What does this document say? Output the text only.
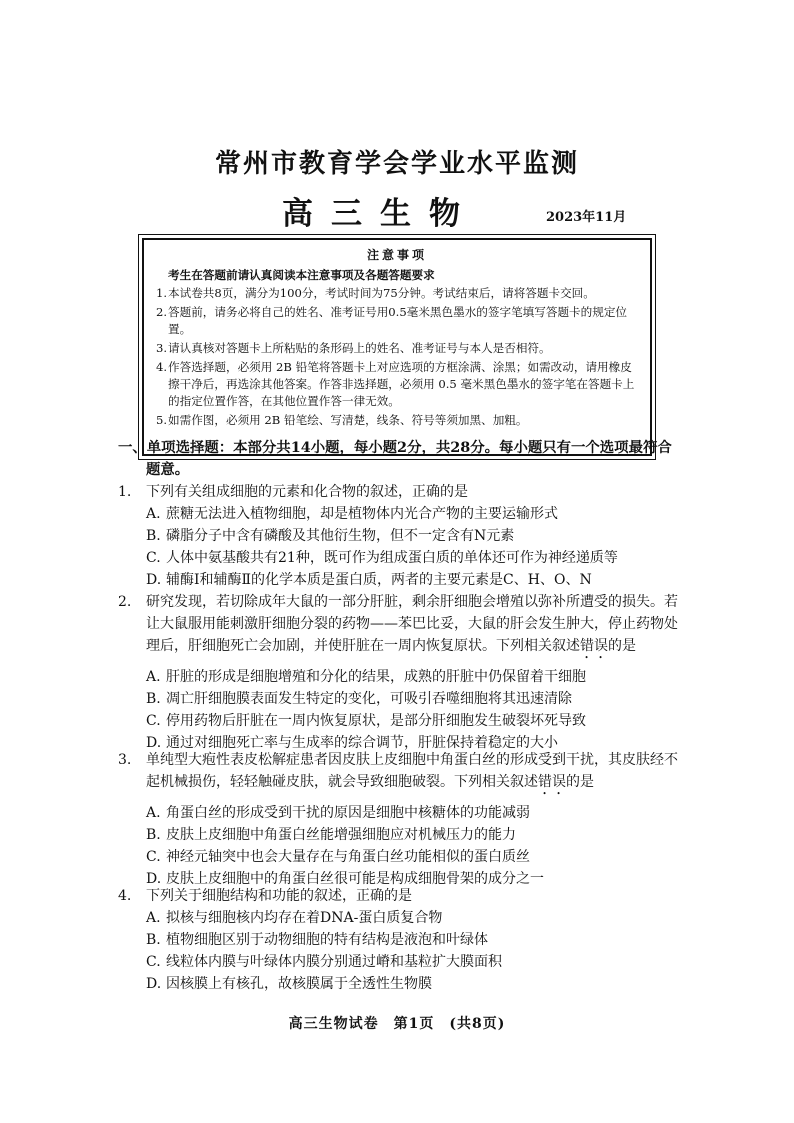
常州市教育学会学业水平监测
高三生物	2023年11月
注意事项
考生在答题前请认真阅读本注意事项及各题答题要求
1. 本试卷共8页，满分为100分，考试时间为75分钟。考试结束后，请将答题卡交回。
2. 答题前，请务必将自己的姓名、准考证号用0.5毫米黑色墨水的签字笔填写答题卡的规定位置。
3. 请认真核对答题卡上所粘贴的条形码上的姓名、准考证号与本人是否相符。
4. 作答选择题，必须用 2B 铅笔将答题卡上对应选项的方框涂满、涂黑；如需改动，请用橡皮擦干净后，再选涂其他答案。作答非选择题，必须用 0.5 毫米黑色墨水的签字笔在答题卡上的指定位置作答，在其他位置作答一律无效。
5. 如需作图，必须用 2B 铅笔绘、写清楚，线条、符号等须加黑、加粗。
一、单项选择题：本部分共14小题，每小题2分，共28分。每小题只有一个选项最符合
题意。
1.	下列有关组成细胞的元素和化合物的叙述，正确的是
A. 蔗糖无法进入植物细胞，却是植物体内光合产物的主要运输形式
B. 磷脂分子中含有磷酸及其他衍生物，但不一定含有N元素
C. 人体中氨基酸共有21种，既可作为组成蛋白质的单体还可作为神经递质等
D. 辅酶Ⅰ和辅酶Ⅱ的化学本质是蛋白质，两者的主要元素是C、H、O、N
2.	研究发现，若切除成年大鼠的一部分肝脏，剩余肝细胞会增殖以弥补所遭受的损失。若让大鼠服用能刺激肝细胞分裂的药物——苯巴比妥，大鼠的肝会发生肿大，停止药物处理后，肝细胞死亡会加剧，并使肝脏在一周内恢复原状。下列相关叙述错误的是
A. 肝脏的形成是细胞增殖和分化的结果，成熟的肝脏中仍保留着干细胞
B. 凋亡肝细胞膜表面发生特定的变化，可吸引吞噬细胞将其迅速清除
C. 停用药物后肝脏在一周内恢复原状，是部分肝细胞发生破裂坏死导致
D. 通过对细胞死亡率与生成率的综合调节，肝脏保持着稳定的大小
3.	单纯型大疱性表皮松解症患者因皮肤上皮细胞中角蛋白丝的形成受到干扰，其皮肤经不起机械损伤，轻轻触碰皮肤，就会导致细胞破裂。下列相关叙述错误的是
A. 角蛋白丝的形成受到干扰的原因是细胞中核糖体的功能减弱
B. 皮肤上皮细胞中角蛋白丝能增强细胞应对机械压力的能力
C. 神经元轴突中也会大量存在与角蛋白丝功能相似的蛋白质丝
D. 皮肤上皮细胞中的角蛋白丝很可能是构成细胞骨架的成分之一
4.	下列关于细胞结构和功能的叙述，正确的是
A. 拟核与细胞核内均存在着DNA-蛋白质复合物
B. 植物细胞区别于动物细胞的特有结构是液泡和叶绿体
C. 线粒体内膜与叶绿体内膜分别通过嵴和基粒扩大膜面积
D. 因核膜上有核孔，故核膜属于全透性生物膜
高三生物试卷　第1页　(共8页)
